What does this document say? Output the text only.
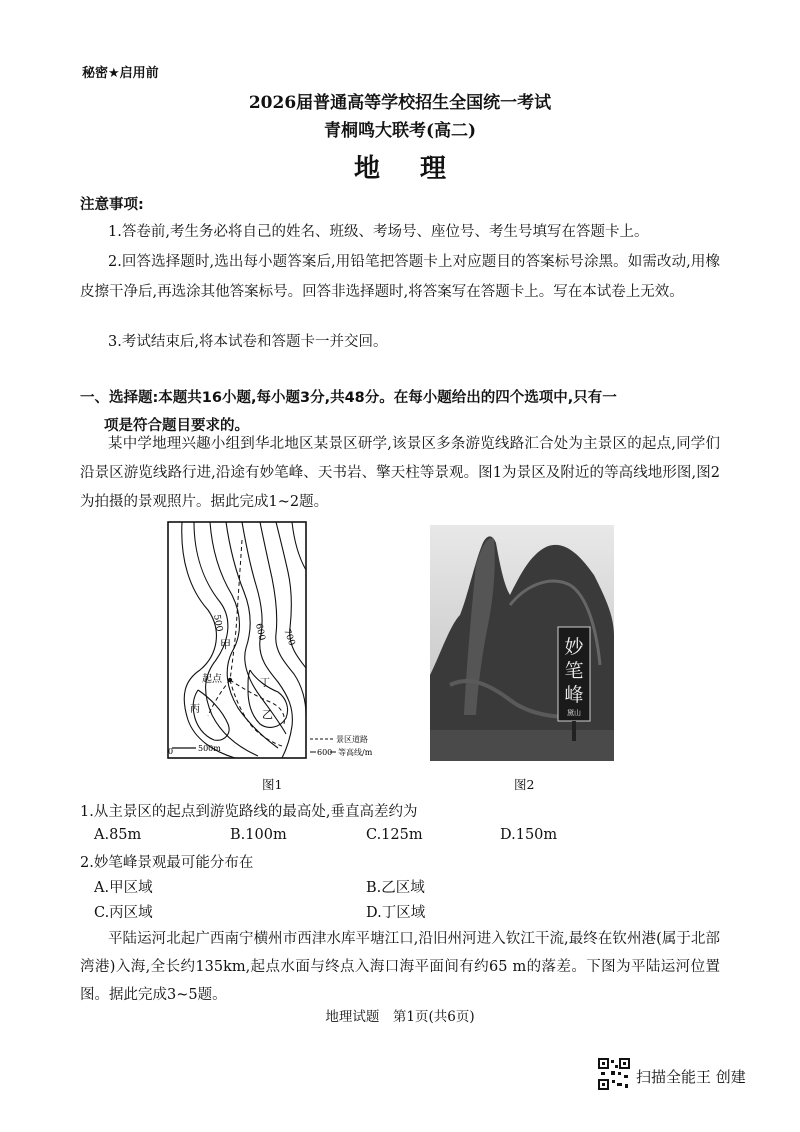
秘密★启用前
2026届普通高等学校招生全国统一考试
青桐鸣大联考(高二)
地理
注意事项:
1.答卷前,考生务必将自己的姓名、班级、考场号、座位号、考生号填写在答题卡上。
2.回答选择题时,选出每小题答案后,用铅笔把答题卡上对应题目的答案标号涂黑。如需改动,用橡皮擦干净后,再选涂其他答案标号。回答非选择题时,将答案写在答题卡上。写在本试卷上无效。
3.考试结束后,将本试卷和答题卡一并交回。
一、选择题:本题共16小题,每小题3分,共48分。在每小题给出的四个选项中,只有一
项是符合题目要求的。
某中学地理兴趣小组到华北地区某景区研学,该景区多条游览线路汇合处为主景区的起点,同学们沿景区游览线路行进,沿途有妙笔峰、天书岩、擎天柱等景观。图1为景区及附近的等高线地形图,图2为拍摄的景观照片。据此完成1~2题。
500	600 700
甲
起点	丁
丙	乙
0	500m
景区道路
600 等高线/m
图1
妙
笔
峰
黛山
图2
1.从主景区的起点到游览路线的最高处,垂直高差约为
A.85m	B.100m	C.125m	D.150m
2.妙笔峰景观最可能分布在
A.甲区域	B.乙区域
C.丙区域	D.丁区域
平陆运河北起广西南宁横州市西津水库平塘江口,沿旧州河进入钦江干流,最终在钦州港(属于北部湾港)入海,全长约135km,起点水面与终点入海口海平面间有约65 m的落差。下图为平陆运河位置图。据此完成3~5题。
地理试题　第1页(共6页)
扫描全能王 创建
